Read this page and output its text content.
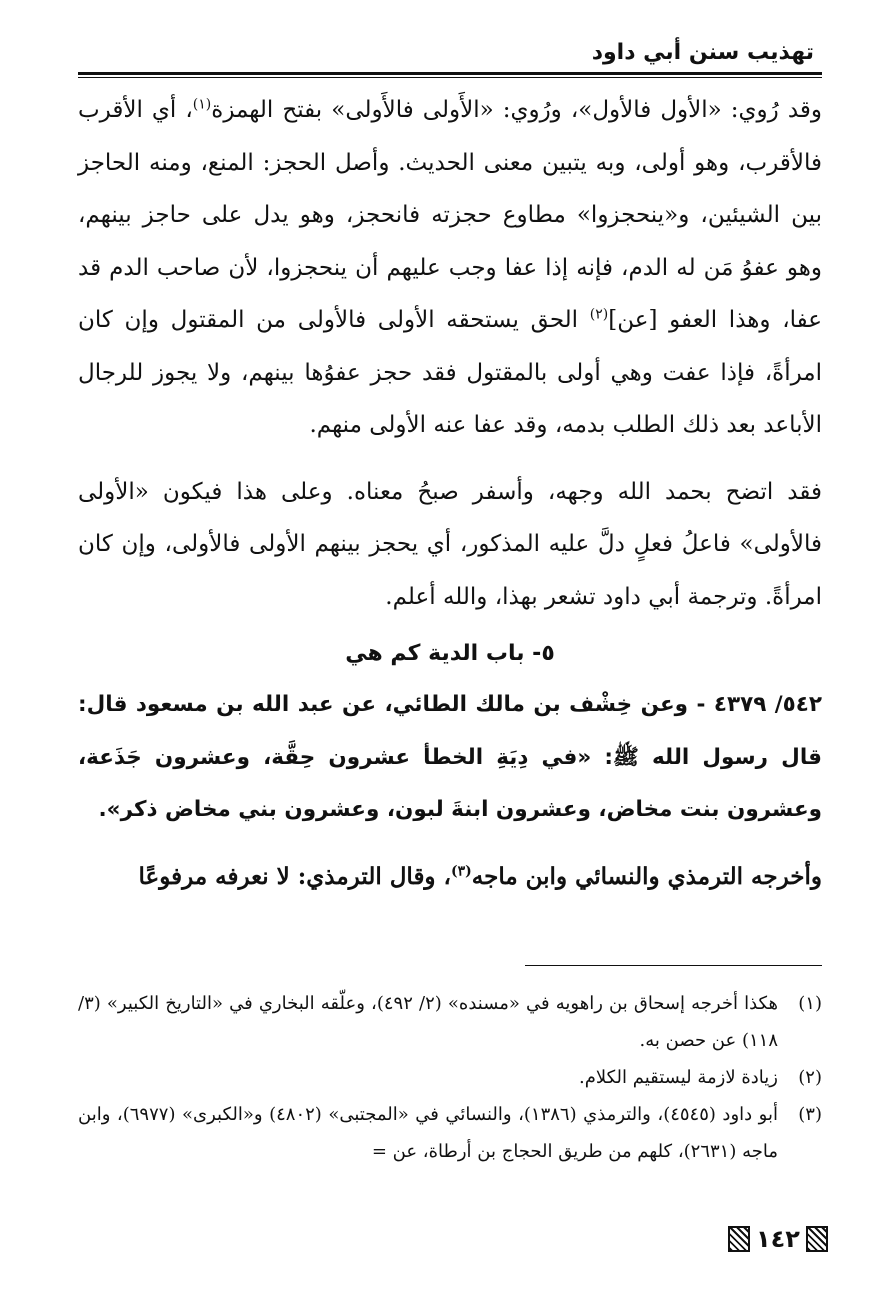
تهذيب سنن أبي داود

وقد رُوي: «الأول فالأول»، ورُوي: «الأَولى فالأَولى» بفتح الهمزة$^{(١)}$، أي الأقرب فالأقرب، وهو أولى، وبه يتبين معنى الحديث. وأصل الحجز: المنع، ومنه الحاجز بين الشيئين، و«ينحجزوا» مطاوع حجزته فانحجز، وهو يدل على حاجز بينهم، وهو عفوُ مَن له الدم، فإنه إذا عفا وجب عليهم أن ينحجزوا، لأن صاحب الدم قد عفا، وهذا العفو [عن]$^{(٢)}$ الحق يستحقه الأولى فالأولى من المقتول وإن كان امرأةً، فإذا عفت وهي أولى بالمقتول فقد حجز عفوُها بينهم، ولا يجوز للرجال الأباعد بعد ذلك الطلب بدمه، وقد عفا عنه الأولى منهم.

فقد اتضح بحمد الله وجهه، وأسفر صبحُ معناه. وعلى هذا فيكون «الأولى فالأولى» فاعلُ فعلٍ دلَّ عليه المذكور، أي يحجز بينهم الأولى فالأولى، وإن كان امرأةً. وترجمة أبي داود تشعر بهذا، والله أعلم.

٥- باب الدية كم هي

٥٤٢/ ٤٣٧٩ - وعن خِشْف بن مالك الطائي، عن عبد الله بن مسعود قال: قال رسول الله ﷺ: «في دِيَةِ الخطأ عشرون حِقَّة، وعشرون جَذَعة، وعشرون بنت مخاض، وعشرون ابنةَ لبون، وعشرون بني مخاض ذكر».

وأخرجه الترمذي والنسائي وابن ماجه$^{(٣)}$، وقال الترمذي: لا نعرفه مرفوعًا

(١)
هكذا أخرجه إسحاق بن راهويه في «مسنده» (٢/ ٤٩٢)، وعلّقه البخاري في «التاريخ الكبير» (٣/ ١١٨) عن حصن به.
(٢)
زيادة لازمة ليستقيم الكلام.
(٣)
أبو داود (٤٥٤٥)، والترمذي (١٣٨٦)، والنسائي في «المجتبى» (٤٨٠٢) و«الكبرى» (٦٩٧٧)، وابن ماجه (٢٦٣١)، كلهم من طريق الحجاج بن أرطاة، عن =
١٤٢
